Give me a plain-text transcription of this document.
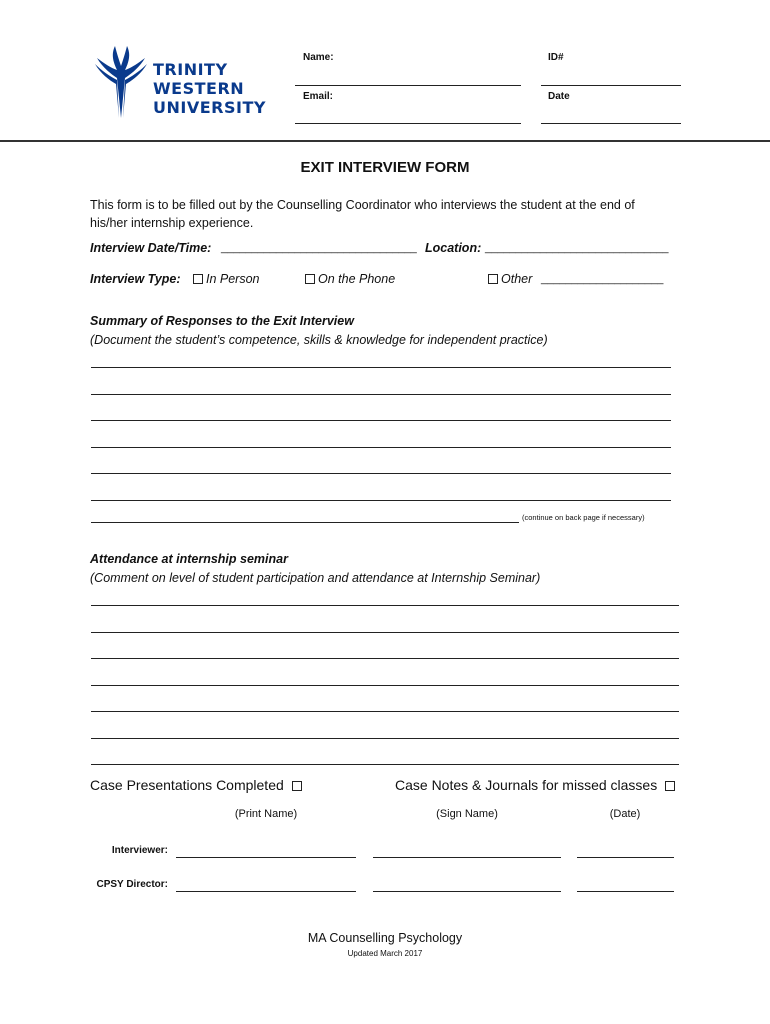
TRINITY
WESTERN
UNIVERSITY
Name:	ID#
Email:	Date
EXIT INTERVIEW FORM
This form is to be filled out by the Counselling Coordinator who interviews the student at the end of
his/her internship experience.
Interview Date/Time: ________________________________ Location: ______________________________
Interview Type:	In Person	On the Phone	Other ____________________
Summary of Responses to the Exit Interview
(Document the student’s competence, skills & knowledge for independent practice)
(continue on back page if necessary)
Attendance at internship seminar
(Comment on level of student participation and attendance at Internship Seminar)
Case Presentations Completed	Case Notes & Journals for missed classes
(Print Name)	(Sign Name)	(Date)
Interviewer:
CPSY Director:
MA Counselling Psychology
Updated March 2017
